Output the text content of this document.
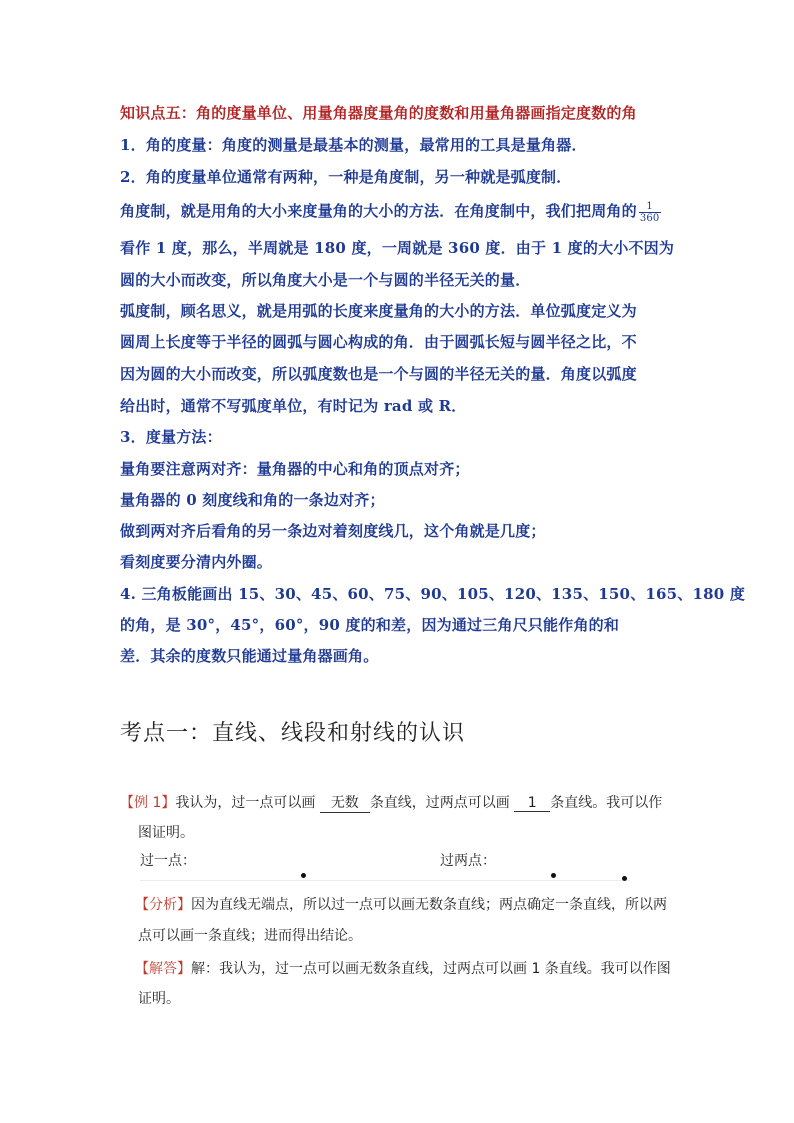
知识点五：角的度量单位、用量角器度量角的度数和用量角器画指定度数的角
1．角的度量：角度的测量是最基本的测量，最常用的工具是量角器．
2．角的度量单位通常有两种，一种是角度制，另一种就是弧度制．
角度制，就是用角的大小来度量角的大小的方法．在角度制中，我们把周角的 $\frac{1}{360}$
看作 1 度，那么，半周就是 180 度，一周就是 360 度．由于 1 度的大小不因为
圆的大小而改变，所以角度大小是一个与圆的半径无关的量．
弧度制，顾名思义，就是用弧的长度来度量角的大小的方法．单位弧度定义为
圆周上长度等于半径的圆弧与圆心构成的角．由于圆弧长短与圆半径之比，不
因为圆的大小而改变，所以弧度数也是一个与圆的半径无关的量．角度以弧度
给出时，通常不写弧度单位，有时记为 rad 或 R．
3．度量方法：
量角要注意两对齐：量角器的中心和角的顶点对齐；
量角器的 0 刻度线和角的一条边对齐；
做到两对齐后看角的另一条边对着刻度线几，这个角就是几度；
看刻度要分清内外圈。
4. 三角板能画出 15、30、45、60、75、90、105、120、135、150、165、180 度
的角，是 30°，45°，60°，90 度的和差，因为通过三角尺只能作角的和
差．其余的度数只能通过量角器画角。
考点一：直线、线段和射线的认识
【例 1】我认为，过一点可以画 无数 条直线，过两点可以画 1 条直线。我可以作
图证明。
过一点：	过两点：
【分析】因为直线无端点，所以过一点可以画无数条直线；两点确定一条直线，所以两
点可以画一条直线；进而得出结论。
【解答】解：我认为，过一点可以画无数条直线，过两点可以画 1 条直线。我可以作图
证明。
